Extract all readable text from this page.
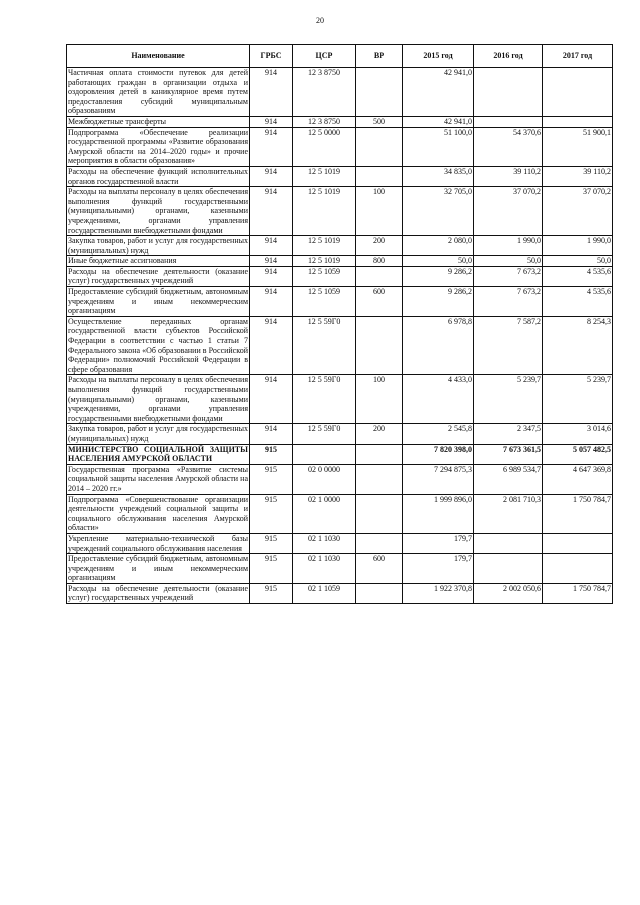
20
Наименование	ГРБС	ЦСР	ВР	2015 год	2016 год	2017 год
Частичная оплата стоимости путевок для детей работающих граждан в организации отдыха и оздоровления детей в каникулярное время путем предоставления субсидий муниципальным образованиям	914	12 3 8750		42 941,0		
Межбюджетные трансферты	914	12 3 8750	500	42 941,0		
Подпрограмма «Обеспечение реализации государственной программы «Развитие образования Амурской области на 2014–2020 годы» и прочие мероприятия в области образования»	914	12 5 0000		51 100,0	54 370,6	51 900,1
Расходы на обеспечение функций исполнительных органов государственной власти	914	12 5 1019		34 835,0	39 110,2	39 110,2
Расходы на выплаты персоналу в целях обеспечения выполнения функций государственными (муниципальными) органами, казенными учреждениями, органами управления государственными внебюджетными фондами	914	12 5 1019	100	32 705,0	37 070,2	37 070,2
Закупка товаров, работ и услуг для государственных (муниципальных) нужд	914	12 5 1019	200	2 080,0	1 990,0	1 990,0
Иные бюджетные ассигнования	914	12 5 1019	800	50,0	50,0	50,0
Расходы на обеспечение деятельности (оказание услуг) государственных учреждений	914	12 5 1059		9 286,2	7 673,2	4 535,6
Предоставление субсидий бюджетным, автономным учреждениям и иным некоммерческим организациям	914	12 5 1059	600	9 286,2	7 673,2	4 535,6
Осуществление переданных органам государственной власти субъектов Российской Федерации в соответствии с частью 1 статьи 7 Федерального закона «Об образовании в Российской Федерации» полномочий Российской Федерации в сфере образования	914	12 5 59Г0		6 978,8	7 587,2	8 254,3
Расходы на выплаты персоналу в целях обеспечения выполнения функций государственными (муниципальными) органами, казенными учреждениями, органами управления государственными внебюджетными фондами	914	12 5 59Г0	100	4 433,0	5 239,7	5 239,7
Закупка товаров, работ и услуг для государственных (муниципальных) нужд	914	12 5 59Г0	200	2 545,8	2 347,5	3 014,6
МИНИСТЕРСТВО СОЦИАЛЬНОЙ ЗАЩИТЫ НАСЕЛЕНИЯ АМУРСКОЙ ОБЛАСТИ	915			7 820 398,0	7 673 361,5	5 057 482,5
Государственная программа «Развитие системы социальной защиты населения Амурской области на 2014 – 2020 гг.»	915	02 0 0000		7 294 875,3	6 989 534,7	4 647 369,8
Подпрограмма «Совершенствование организации деятельности учреждений социальной защиты и социального обслуживания населения Амурской области»	915	02 1 0000		1 999 896,0	2 081 710,3	1 750 784,7
Укрепление материально-технической базы учреждений социального обслуживания населения	915	02 1 1030		179,7		
Предоставление субсидий бюджетным, автономным учреждениям и иным некоммерческим организациям	915	02 1 1030	600	179,7		
Расходы на обеспечение деятельности (оказание услуг) государственных учреждений	915	02 1 1059		1 922 370,8	2 002 050,6	1 750 784,7
